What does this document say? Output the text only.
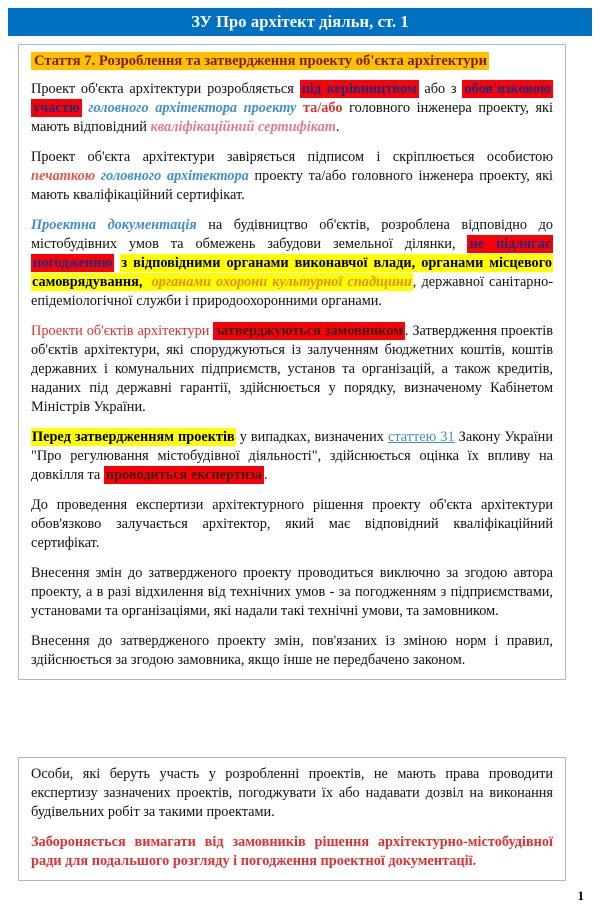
ЗУ Про архітект діяльн, ст. 1
Стаття 7. Розроблення та затвердження проекту об'єкта архітектури

Проект об'єкта архітектури розробляється під керівництвом або з обов'язковою участю головного архітектора проекту та/або головного інженера проекту, які мають відповідний кваліфікаційний сертифікат.

Проект об'єкта архітектури завіряється підписом і скріплюється особистою печаткою головного архітектора проекту та/або головного інженера проекту, які мають кваліфікаційний сертифікат.

Проектна документація на будівництво об'єктів, розроблена відповідно до містобудівних умов та обмежень забудови земельної ділянки, не підлягає погодженню з відповідними органами виконавчої влади, органами місцевого самоврядування, органами охорони культурної спадщини, державної санітарно-епідеміологічної служби і природоохоронними органами.

Проекти об'єктів архітектури затверджуються замовником . Затвердження проектів об'єктів архітектури, які споруджуються із залученням бюджетних коштів, коштів державних і комунальних підприємств, установ та організацій, а також кредитів, наданих під державні гарантії, здійснюється у порядку, визначеному Кабінетом Міністрів України.

Перед затвердженням проектів у випадках, визначених статтею 31 Закону України "Про регулювання містобудівної діяльності", здійснюється оцінка їх впливу на довкілля та проводиться експертиза .

До проведення експертизи архітектурного рішення проекту об'єкта архітектури обов'язково залучається архітектор, який має відповідний кваліфікаційний сертифікат.

Внесення змін до затвердженого проекту проводиться виключно за згодою автора проекту, а в разі відхилення від технічних умов - за погодженням з підприємствами, установами та організаціями, які надали такі технічні умови, та замовником.

Внесення до затвердженого проекту змін, пов'язаних із зміною норм і правил, здійснюється за згодою замовника, якщо інше не передбачено законом.

Особи, які беруть участь у розробленні проектів, не мають права проводити експертизу зазначених проектів, погоджувати їх або надавати дозвіл на виконання будівельних робіт за такими проектами.

Забороняється вимагати від замовників рішення архітектурно-містобудівної ради для подальшого розгляду і погодження проектної документації.

1
